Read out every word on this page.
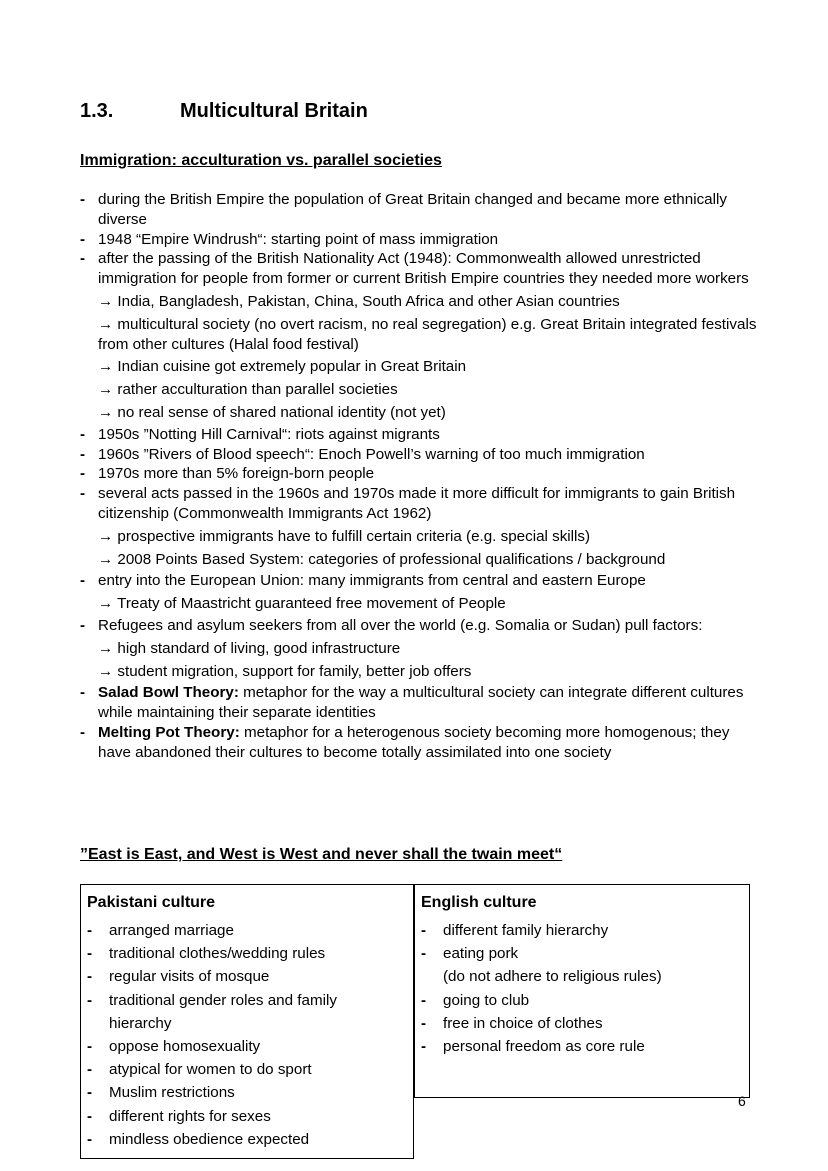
1.3.	Multicultural Britain
Immigration: acculturation vs. parallel societies
- during the British Empire the population of Great Britain changed and became more ethnically diverse
- 1948 “Empire Windrush“: starting point of mass immigration
- after the passing of the British Nationality Act (1948): Commonwealth allowed unrestricted immigration for people from former or current British Empire countries they needed more workers
→ India, Bangladesh, Pakistan, China, South Africa and other Asian countries
→ multicultural society (no overt racism, no real segregation) e.g. Great Britain integrated festivals from other cultures (Halal food festival)
→ Indian cuisine got extremely popular in Great Britain
→ rather acculturation than parallel societies
→ no real sense of shared national identity (not yet)
- 1950s ”Notting Hill Carnival“: riots against migrants
- 1960s ”Rivers of Blood speech“: Enoch Powell’s warning of too much immigration
- 1970s more than 5% foreign-born people
- several acts passed in the 1960s and 1970s made it more difficult for immigrants to gain British citizenship (Commonwealth Immigrants Act 1962)
→ prospective immigrants have to fulfill certain criteria (e.g. special skills)
→ 2008 Points Based System: categories of professional qualifications / background
- entry into the European Union: many immigrants from central and eastern Europe
→ Treaty of Maastricht guaranteed free movement of People
- Refugees and asylum seekers from all over the world (e.g. Somalia or Sudan) pull factors:
→ high standard of living, good infrastructure
→ student migration, support for family, better job offers
- Salad Bowl Theory: metaphor for the way a multicultural society can integrate different cultures while maintaining their separate identities
- Melting Pot Theory: metaphor for a heterogenous society becoming more homogenous; they have abandoned their cultures to become totally assimilated into one society
”East is East, and West is West and never shall the twain meet“
Pakistani culture
- arranged marriage
- traditional clothes/wedding rules
- regular visits of mosque
- traditional gender roles and family hierarchy
- oppose homosexuality
- atypical for women to do sport
- Muslim restrictions
- different rights for sexes
- mindless obedience expected
English culture
- different family hierarchy
- eating pork
(do not adhere to religious rules)
- going to club
- free in choice of clothes
- personal freedom as core rule
6
